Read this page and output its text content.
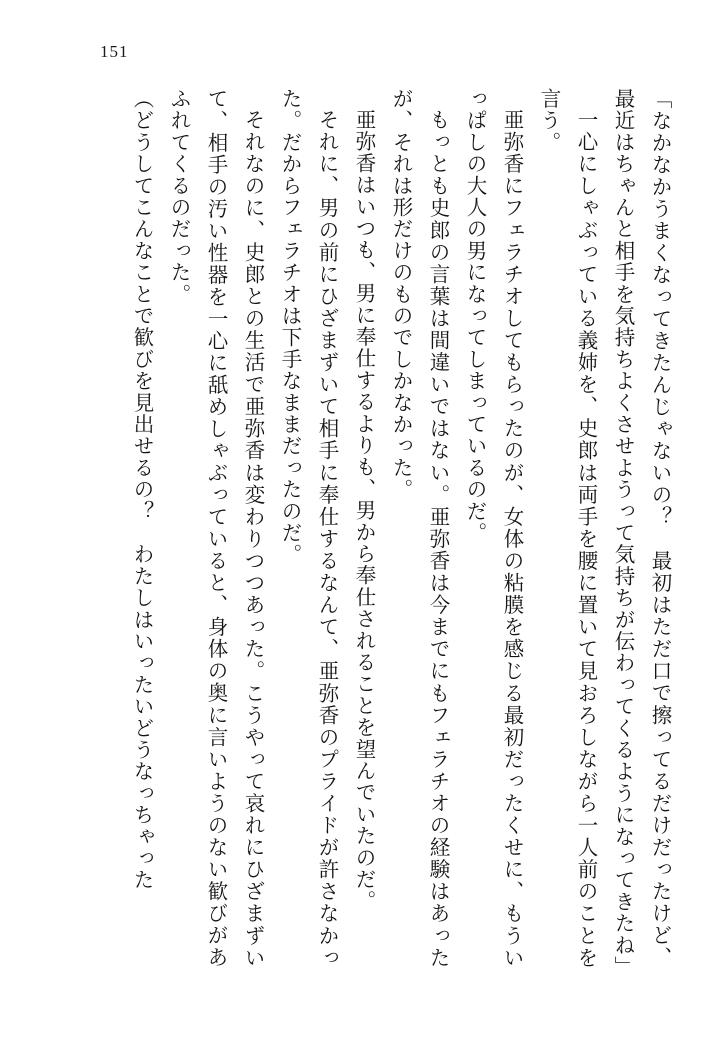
151

「なかなかうまくなってきたんじゃないの？　最初はただ口で擦ってるだけだったけど、最近はちゃんと相手を気持ちよくさせようって気持ちが伝わってくるようになってきたね」

一心にしゃぶっている義姉を、史郎は両手を腰に置いて見おろしながら一人前のことを言う。

亜弥香にフェラチオしてもらったのが、女体の粘膜を感じる最初だったくせに、もういっぱしの大人の男になってしまっているのだ。

もっとも史郎の言葉は間違いではない。亜弥香は今までにもフェラチオの経験はあったが、それは形だけのものでしかなかった。

亜弥香はいつも、男に奉仕するよりも、男から奉仕されることを望んでいたのだ。

それに、男の前にひざまずいて相手に奉仕するなんて、亜弥香のプライドが許さなかった。だからフェラチオは下手なままだったのだ。

それなのに、史郎との生活で亜弥香は変わりつつあった。こうやって哀れにひざまずいて、相手の汚い性器を一心に舐めしゃぶっていると、身体の奥に言いようのない歓びがあふれてくるのだった。

（どうしてこんなことで歓びを見出せるの？　わたしはいったいどうなっちゃった
